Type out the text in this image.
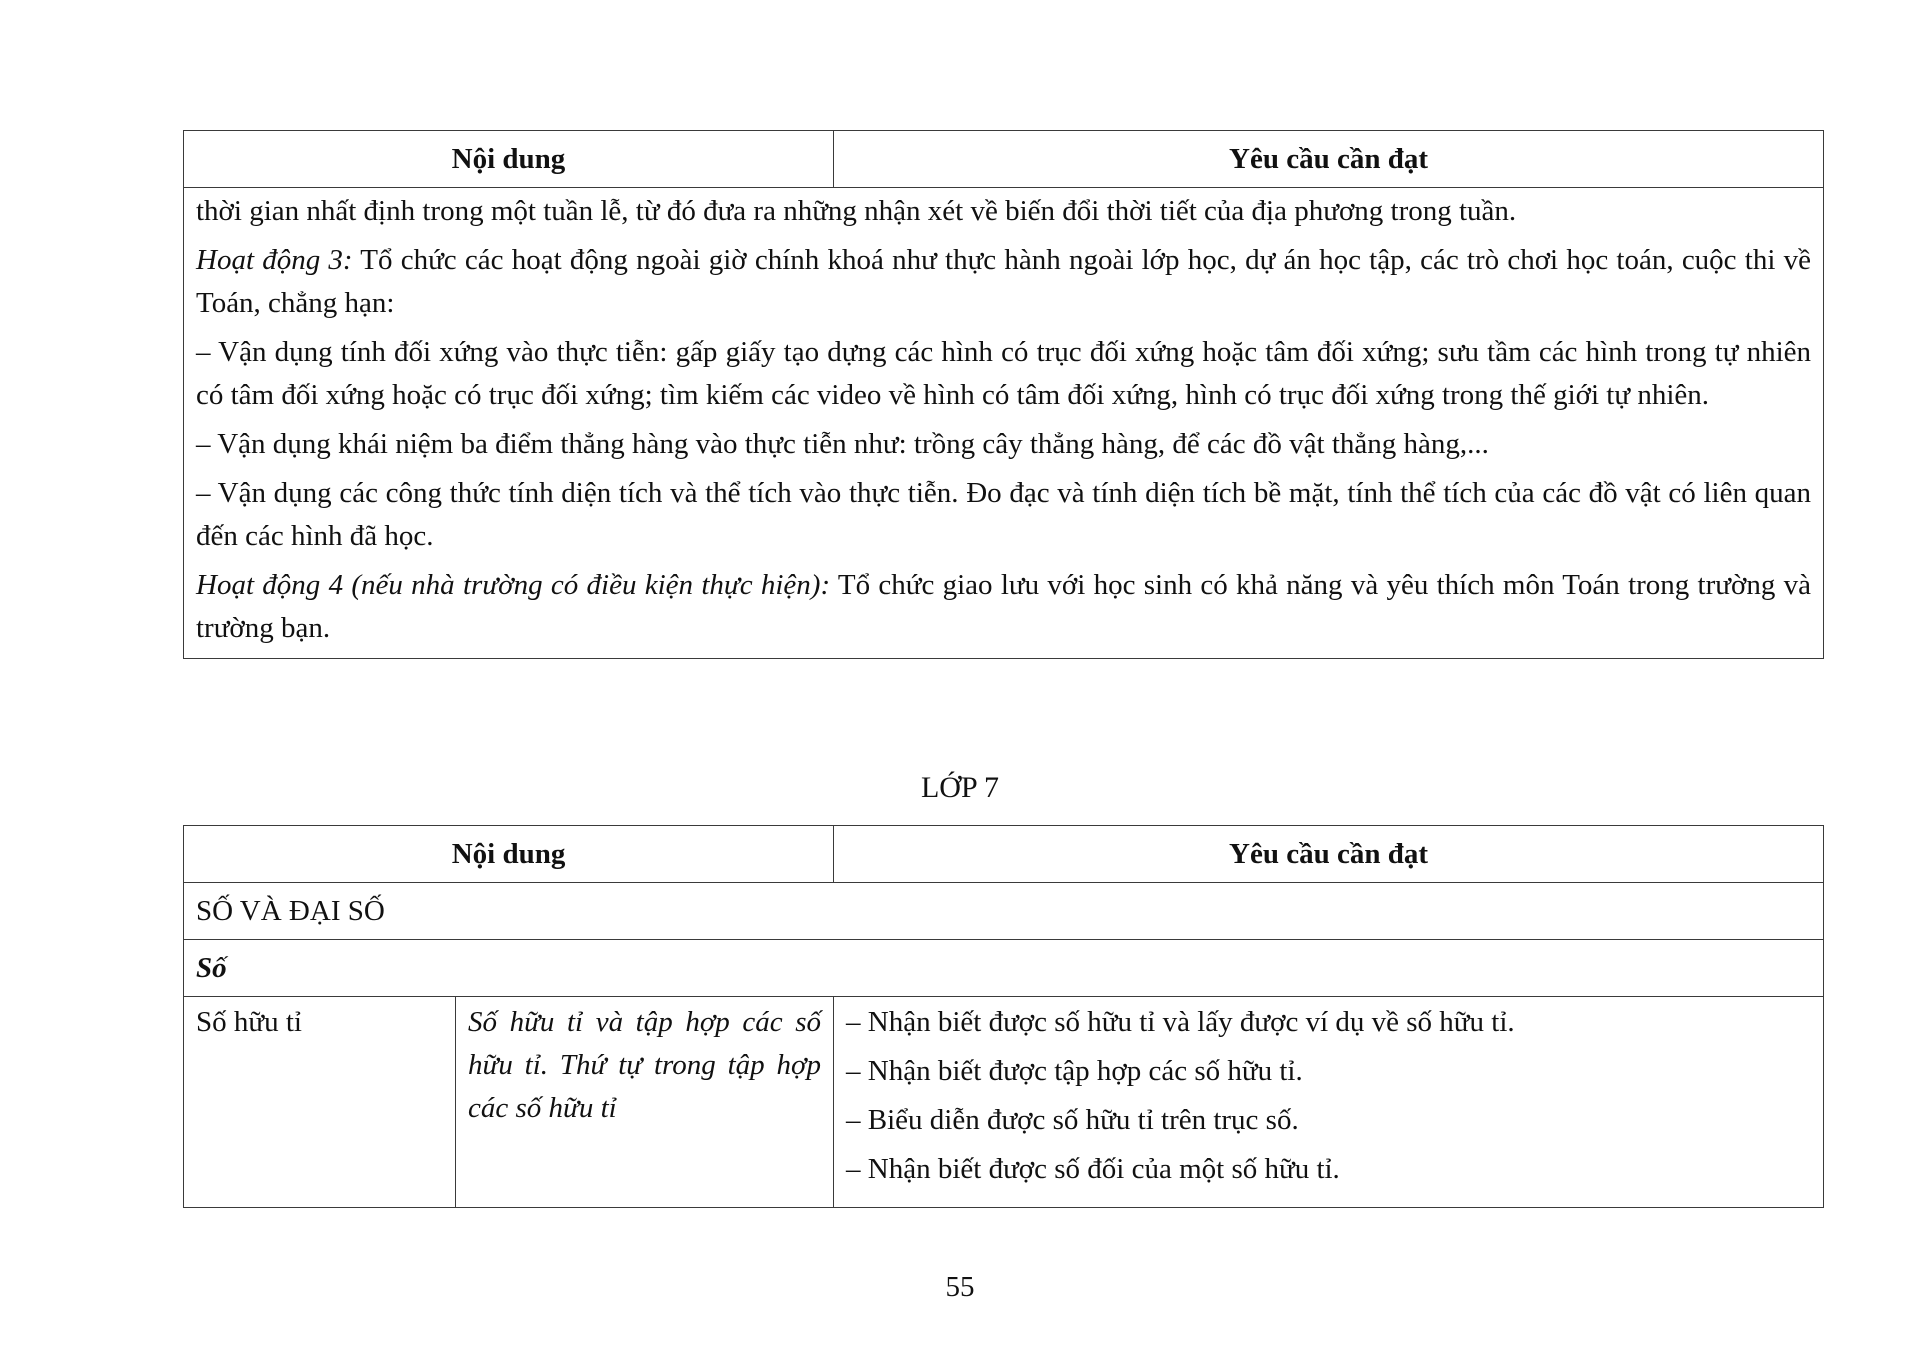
Nội dung	Yêu cầu cần đạt

thời gian nhất định trong một tuần lễ, từ đó đưa ra những nhận xét về biến đổi thời tiết của địa phương trong tuần.

Hoạt động 3: Tổ chức các hoạt động ngoài giờ chính khoá như thực hành ngoài lớp học, dự án học tập, các trò chơi học toán, cuộc thi về Toán, chẳng hạn:

– Vận dụng tính đối xứng vào thực tiễn: gấp giấy tạo dựng các hình có trục đối xứng hoặc tâm đối xứng; sưu tầm các hình trong tự nhiên có tâm đối xứng hoặc có trục đối xứng; tìm kiếm các video về hình có tâm đối xứng, hình có trục đối xứng trong thế giới tự nhiên.

– Vận dụng khái niệm ba điểm thẳng hàng vào thực tiễn như: trồng cây thẳng hàng, để các đồ vật thẳng hàng,...

– Vận dụng các công thức tính diện tích và thể tích vào thực tiễn. Đo đạc và tính diện tích bề mặt, tính thể tích của các đồ vật có liên quan đến các hình đã học.

Hoạt động 4 (nếu nhà trường có điều kiện thực hiện): Tổ chức giao lưu với học sinh có khả năng và yêu thích môn Toán trong trường và trường bạn.

LỚP 7
Nội dung		Yêu cầu cần đạt
SỐ VÀ ĐẠI SỐ		
Số		
Số hữu tỉ	Số hữu tỉ và tập hợp các số hữu tỉ. Thứ tự trong tập hợp các số hữu tỉ	– Nhận biết được số hữu tỉ và lấy được ví dụ về số hữu tỉ.

– Nhận biết được tập hợp các số hữu tỉ.

– Biểu diễn được số hữu tỉ trên trục số.

– Nhận biết được số đối của một số hữu tỉ.

55
